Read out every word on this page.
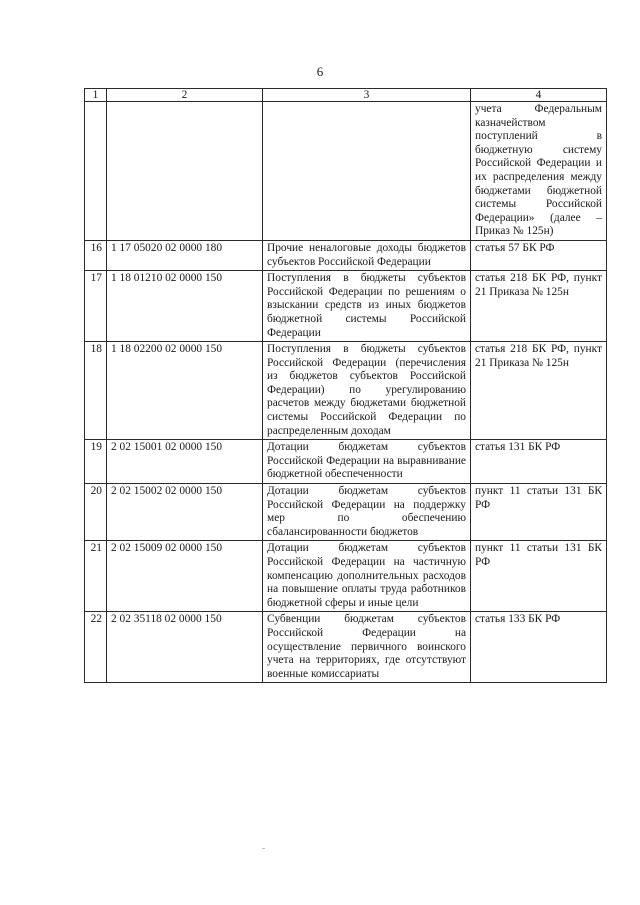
6
1	2	3	4
			учета Федеральным казначейством поступлений в бюджетную систему Российской Федерации и их распределения между бюджетами бюджетной системы Российской Федерации» (далее – Приказ № 125н)
16	1 17 05020 02 0000 180	Прочие неналоговые доходы бюджетов субъектов Российской Федерации	статья 57 БК РФ
17	1 18 01210 02 0000 150	Поступления в бюджеты субъектов Российской Федерации по решениям о взыскании средств из иных бюджетов бюджетной системы Российской Федерации	статья 218 БК РФ, пункт 21 Приказа № 125н
18	1 18 02200 02 0000 150	Поступления в бюджеты субъектов Российской Федерации (перечисления из бюджетов субъектов Российской Федерации) по урегулированию расчетов между бюджетами бюджетной системы Российской Федерации по распределенным доходам	статья 218 БК РФ, пункт 21 Приказа № 125н
19	2 02 15001 02 0000 150	Дотации бюджетам субъектов Российской Федерации на выравнивание бюджетной обеспеченности	статья 131 БК РФ
20	2 02 15002 02 0000 150	Дотации бюджетам субъектов Российской Федерации на поддержку мер по обеспечению сбалансированности бюджетов	пункт 11 статьи 131 БК РФ
21	2 02 15009 02 0000 150	Дотации бюджетам субъектов Российской Федерации на частичную компенсацию дополнительных расходов на повышение оплаты труда работников бюджетной сферы и иные цели	пункт 11 статьи 131 БК РФ
22	2 02 35118 02 0000 150	Субвенции бюджетам субъектов Российской Федерации на осуществление первичного воинского учета на территориях, где отсутствуют военные комиссариаты	статья 133 БК РФ
